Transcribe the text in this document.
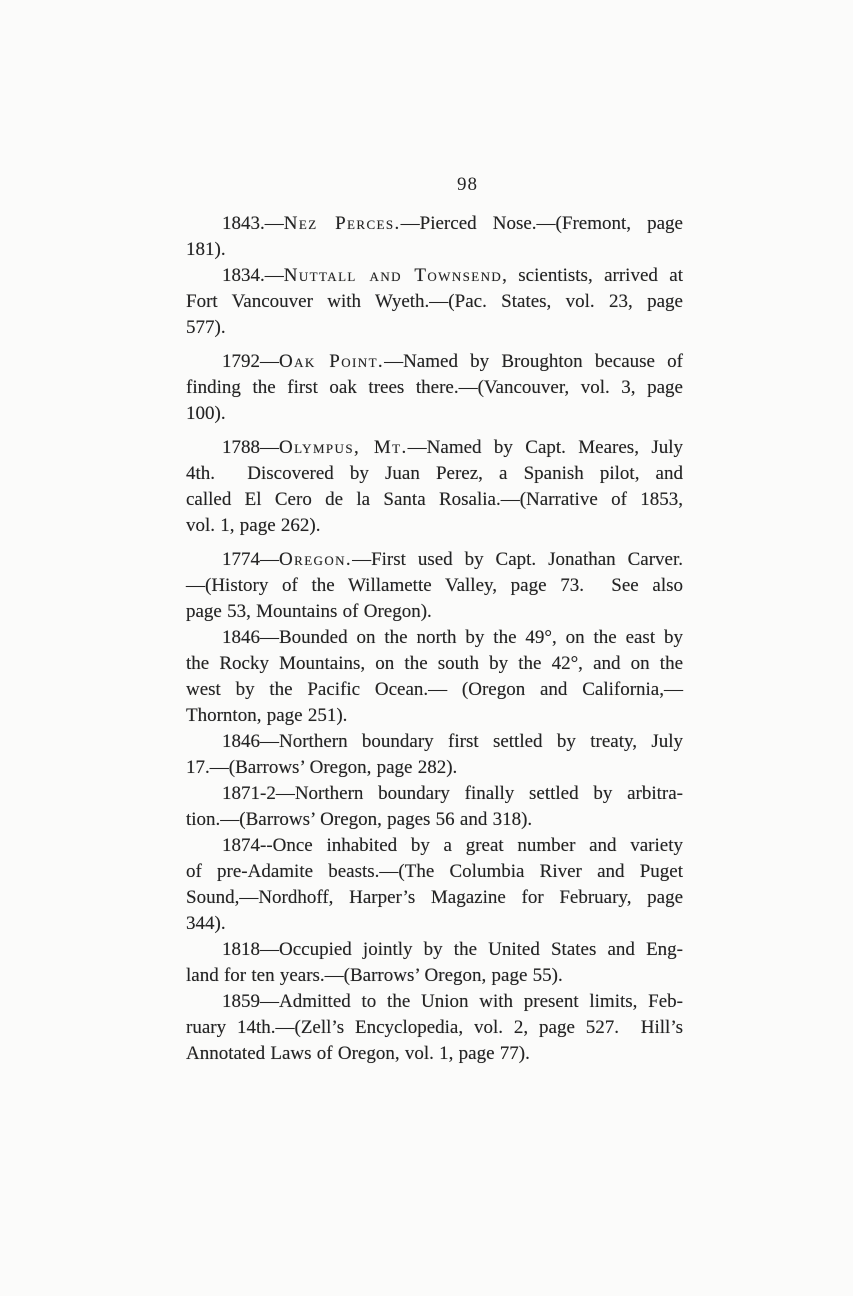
98
1843.—Nez Perces.—Pierced Nose.—(Fremont, page
181).
1834.—Nuttall and Townsend, scientists, arrived at
Fort Vancouver with Wyeth.—(Pac. States, vol. 23, page
577).
1792—Oak Point.—Named by Broughton because of
finding the first oak trees there.—(Vancouver, vol. 3, page
100).
1788—Olympus, Mt.—Named by Capt. Meares, July
4th.  Discovered by Juan Perez, a Spanish pilot, and
called El Cero de la Santa Rosalia.—(Narrative of 1853,
vol. 1, page 262).
1774—Oregon.—First used by Capt. Jonathan Carver.
—(History of the Willamette Valley, page 73.  See also
page 53, Mountains of Oregon).
1846—Bounded on the north by the 49°, on the east by
the Rocky Mountains, on the south by the 42°, and on the
west by the Pacific Ocean.— (Oregon and California,—
Thornton, page 251).
1846—Northern boundary first settled by treaty, July
17.—(Barrows’ Oregon, page 282).
1871-2—Northern boundary finally settled by arbitra-
tion.—(Barrows’ Oregon, pages 56 and 318).
1874--Once inhabited by a great number and variety
of pre-Adamite beasts.—(The Columbia River and Puget
Sound,—Nordhoff, Harper’s Magazine for February, page
344).
1818—Occupied jointly by the United States and Eng-
land for ten years.—(Barrows’ Oregon, page 55).
1859—Admitted to the Union with present limits, Feb-
ruary 14th.—(Zell’s Encyclopedia, vol. 2, page 527.  Hill’s
Annotated Laws of Oregon, vol. 1, page 77).
